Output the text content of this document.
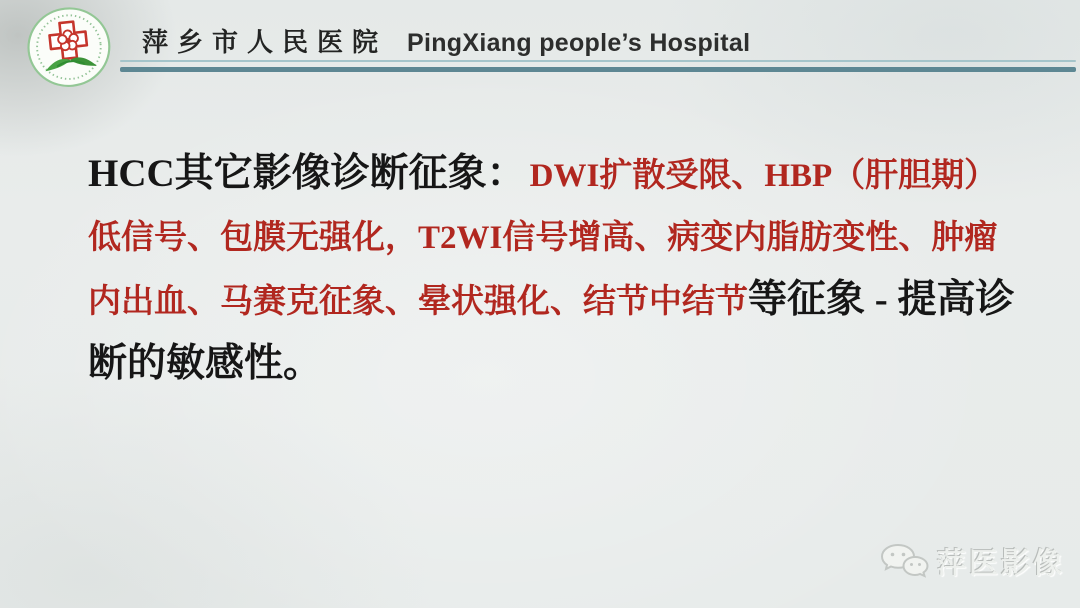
萍乡市人民医院 PingXiang people’s Hospital
HCC其它影像诊断征象： DWI扩散受限、HBP（肝胆期）
低信号、包膜无强化，T2WI信号增高、病变内脂肪变性、肿瘤
内出血、马赛克征象、晕状强化、结节中结节等征象 - 提高诊
断的敏感性。
萍医影像
